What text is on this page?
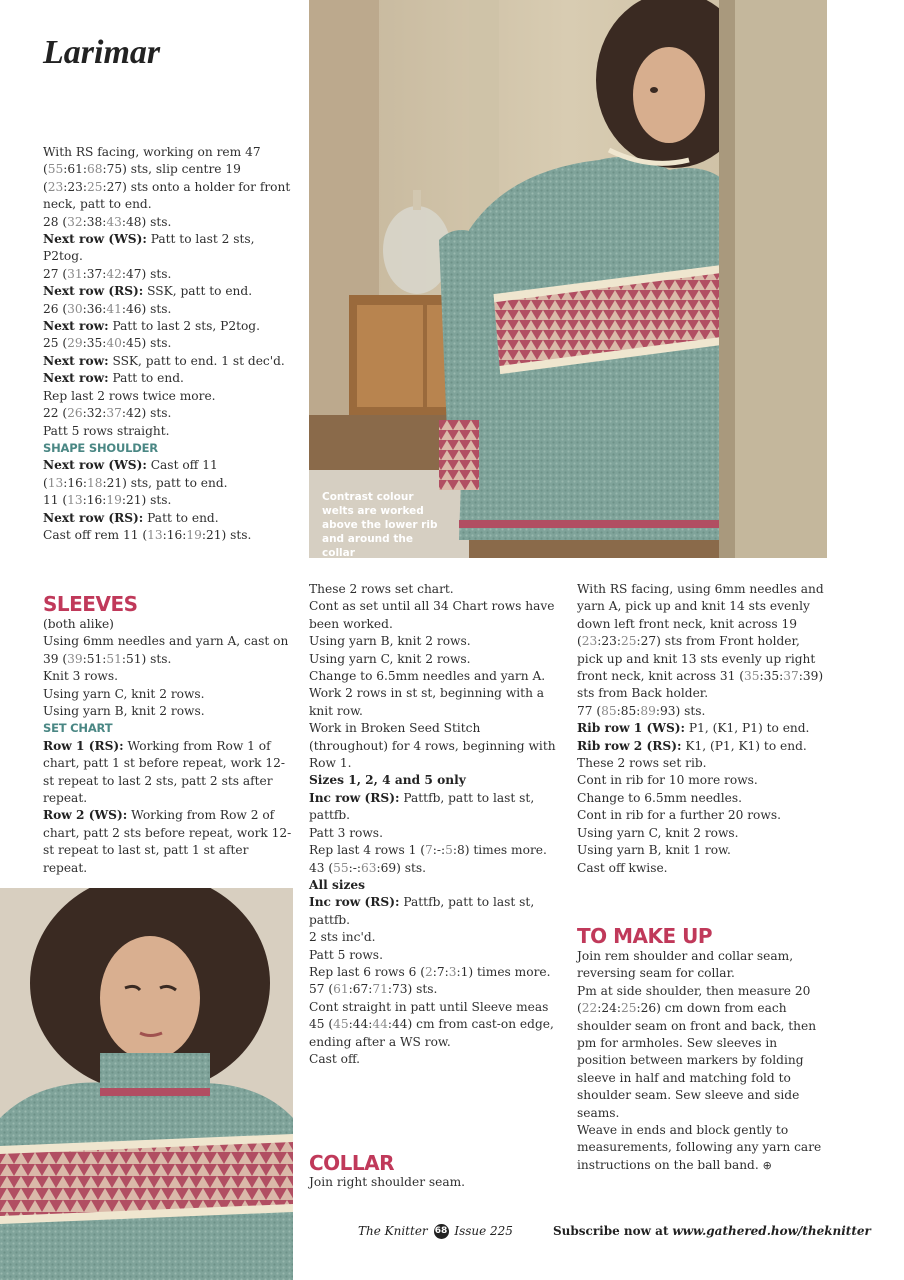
Larimar

With RS facing, working on rem 47 (55:61:68:75) sts, slip centre 19 (23:23:25:27) sts onto a holder for front neck, patt to end.
28 (32:38:43:48) sts.

Next row (WS): Patt to last 2 sts, P2tog.
27 (31:37:42:47) sts.
Next row (RS): SSK, patt to end.
26 (30:36:41:46) sts.
Next row: Patt to last 2 sts, P2tog.
25 (29:35:40:45) sts.

Next row: SSK, patt to end. 1 st dec'd.
Next row: Patt to end.
Rep last 2 rows twice more.
22 (26:32:37:42) sts.

Patt 5 rows straight.

SHAPE SHOULDER

Next row (WS): Cast off 11 (13:16:18:21) sts, patt to end.
11 (13:16:19:21) sts.
Next row (RS): Patt to end.
Cast off rem 11 (13:16:19:21) sts.

SLEEVES

(both alike)
Using 6mm needles and yarn A, cast on 39 (39:51:51:51) sts.

Knit 3 rows.
Using yarn C, knit 2 rows.
Using yarn B, knit 2 rows.

SET CHART

Row 1 (RS): Working from Row 1 of chart, patt 1 st before repeat, work 12-st repeat to last 2 sts, patt 2 sts after repeat.
Row 2 (WS): Working from Row 2 of chart, patt 2 sts before repeat, work 12-st repeat to last st, patt 1 st after repeat.

Contrast colour welts are worked above the lower rib and around the collar

These 2 rows set chart.
Cont as set until all 34 Chart rows have been worked.

Using yarn B, knit 2 rows.
Using yarn C, knit 2 rows.

Change to 6.5mm needles and yarn A.

Work 2 rows in st st, beginning with a knit row.

Work in Broken Seed Stitch (throughout) for 4 rows, beginning with Row 1.

Sizes 1, 2, 4 and 5 only
Inc row (RS): Pattfb, patt to last st, pattfb.
Patt 3 rows.
Rep last 4 rows 1 (7:-:5:8) times more.
43 (55:-:63:69) sts.

All sizes
Inc row (RS): Pattfb, patt to last st, pattfb.
2 sts inc'd.
Patt 5 rows.
Rep last 6 rows 6 (2:7:3:1) times more.
57 (61:67:71:73) sts.

Cont straight in patt until Sleeve meas 45 (45:44:44:44) cm from cast-on edge, ending after a WS row.
Cast off.

COLLAR
Join right shoulder seam.

With RS facing, using 6mm needles and yarn A, pick up and knit 14 sts evenly down left front neck, knit across 19 (23:23:25:27) sts from Front holder, pick up and knit 13 sts evenly up right front neck, knit across 31 (35:35:37:39) sts from Back holder.
77 (85:85:89:93) sts.

Rib row 1 (WS): P1, (K1, P1) to end.
Rib row 2 (RS): K1, (P1, K1) to end.
These 2 rows set rib.
Cont in rib for 10 more rows.

Change to 6.5mm needles.
Cont in rib for a further 20 rows.
Using yarn C, knit 2 rows.
Using yarn B, knit 1 row.

Cast off kwise.

TO MAKE UP

Join rem shoulder and collar seam, reversing seam for collar.

Pm at side shoulder, then measure 20 (22:24:25:26) cm down from each shoulder seam on front and back, then pm for armholes. Sew sleeves in position between markers by folding sleeve in half and matching fold to shoulder seam. Sew sleeve and side seams.

Weave in ends and block gently to measurements, following any yarn care instructions on the ball band. ⊕

The Knitter 68 Issue 225	Subscribe now at www.gathered.how/theknitter
